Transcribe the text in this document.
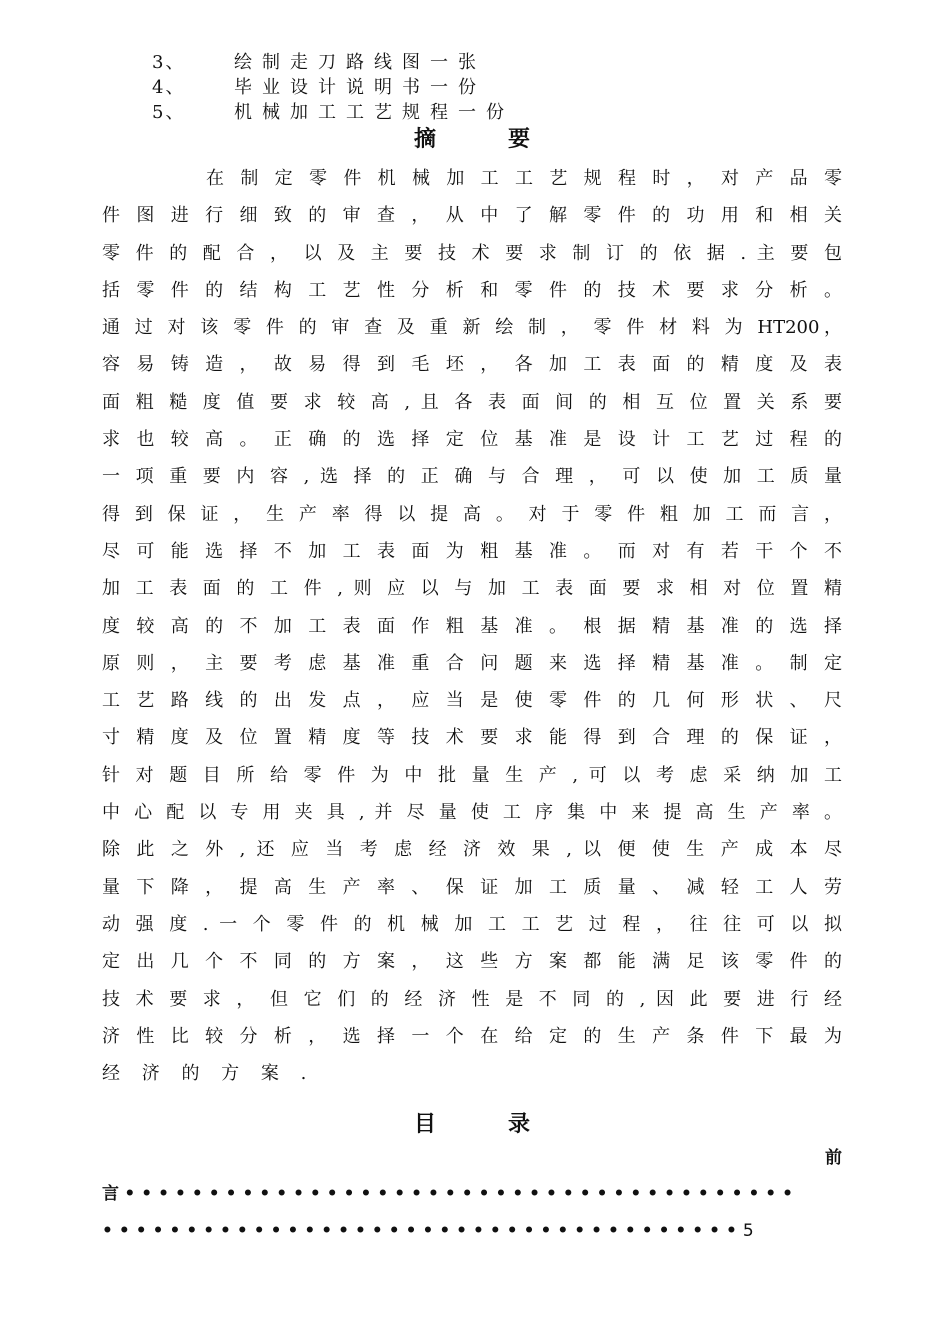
3、	绘制走刀路线图一张
4、	毕业设计说明书一份
5、	机械加工工艺规程一份
摘	要
在 制 定 零 件 机 械 加 工 工 艺 规 程 时 ， 对 产 品 零
件 图 进 行 细 致 的 审 查 ， 从 中 了 解 零 件 的 功 用 和 相 关
零 件 的 配 合 ， 以 及 主 要 技 术 要 求 制 订 的 依 据 . 主 要 包
括 零 件 的 结 构 工 艺 性 分 析 和 零 件 的 技 术 要 求 分 析 。
通 过 对 该 零 件 的 审 查 及 重 新 绘 制 ， 零 件 材 料 为 HT200，
容 易 铸 造 ， 故 易 得 到 毛 坯 ， 各 加 工 表 面 的 精 度 及 表
面 粗 糙 度 值 要 求 较 高 , 且 各 表 面 间 的 相 互 位 置 关 系 要
求 也 较 高 。 正 确 的 选 择 定 位 基 准 是 设 计 工 艺 过 程 的
一 项 重 要 内 容 , 选 择 的 正 确 与 合 理 ， 可 以 使 加 工 质 量
得 到 保 证 ， 生 产 率 得 以 提 高 。 对 于 零 件 粗 加 工 而 言 ，
尽 可 能 选 择 不 加 工 表 面 为 粗 基 准 。 而 对 有 若 干 个 不
加 工 表 面 的 工 件 , 则 应 以 与 加 工 表 面 要 求 相 对 位 置 精
度 较 高 的 不 加 工 表 面 作 粗 基 准 。 根 据 精 基 准 的 选 择
原 则 ， 主 要 考 虑 基 准 重 合 问 题 来 选 择 精 基 准 。 制 定
工 艺 路 线 的 出 发 点 ， 应 当 是 使 零 件 的 几 何 形 状 、 尺
寸 精 度 及 位 置 精 度 等 技 术 要 求 能 得 到 合 理 的 保 证 ，
针 对 题 目 所 给 零 件 为 中 批 量 生 产 , 可 以 考 虑 采 纳 加 工
中 心 配 以 专 用 夹 具 , 并 尽 量 使 工 序 集 中 来 提 高 生 产 率 。
除 此 之 外 , 还 应 当 考 虑 经 济 效 果 , 以 便 使 生 产 成 本 尽
量 下 降 ， 提 高 生 产 率 、 保 证 加 工 质 量 、 减 轻 工 人 劳
动 强 度 . 一 个 零 件 的 机 械 加 工 工 艺 过 程 ， 往 往 可 以 拟
定 出 几 个 不 同 的 方 案 ， 这 些 方 案 都 能 满 足 该 零 件 的
技 术 要 求 ， 但 它 们 的 经 济 性 是 不 同 的 , 因 此 要 进 行 经
济 性 比 较 分 析 ， 选 择 一 个 在 给 定 的 生 产 条 件 下 最 为
经 济 的 方 案 .
目	录
前
言 ••••••••••••••••••••••••••••••••••••••••
••••••••••••••••••••••••••••••••••••••5
